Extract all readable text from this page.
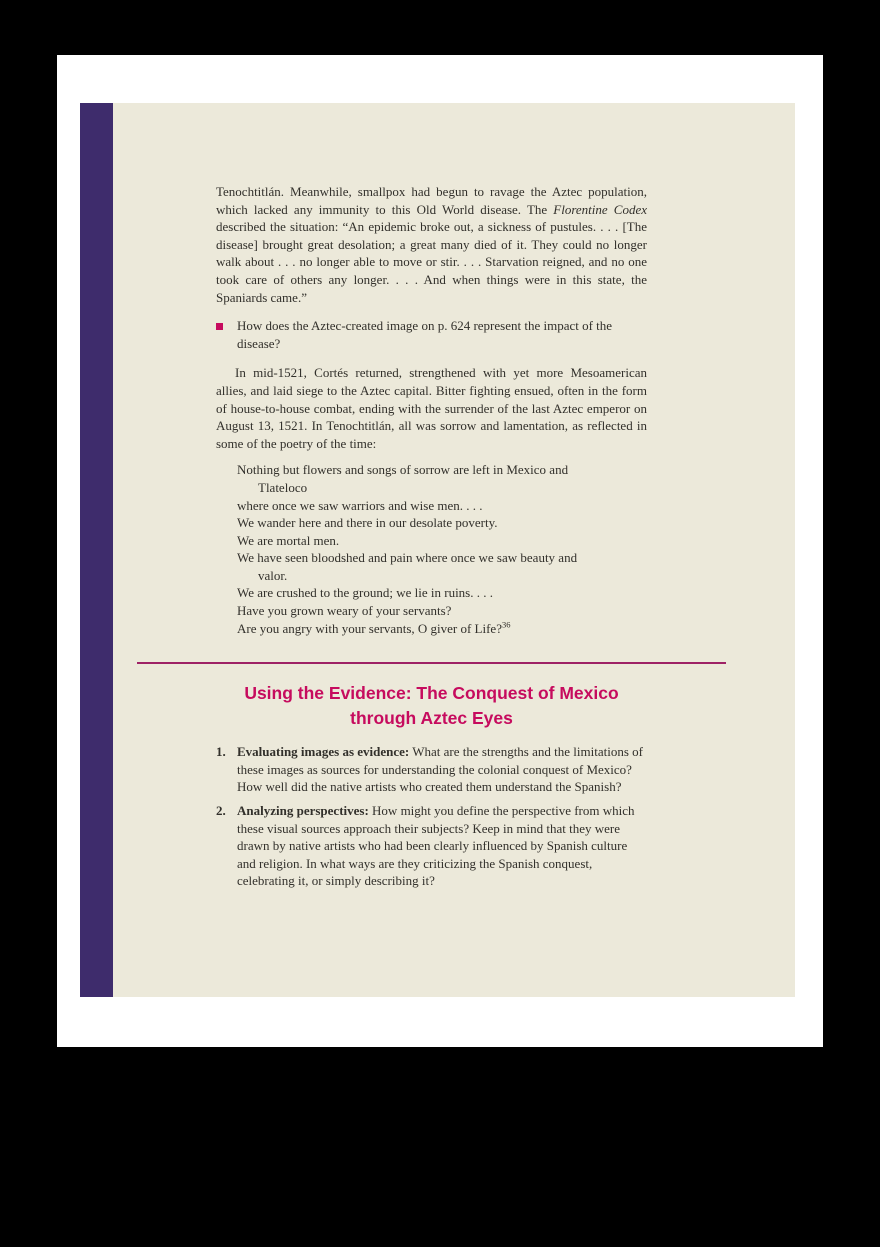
Tenochtitlán. Meanwhile, smallpox had begun to ravage the Aztec population, which lacked any immunity to this Old World disease. The Florentine Codex described the situation: “An epidemic broke out, a sickness of pustules. . . . [The disease] brought great desolation; a great many died of it. They could no longer walk about . . . no longer able to move or stir. . . . Starvation reigned, and no one took care of others any longer. . . . And when things were in this state, the Spaniards came.”

How does the Aztec-created image on p. 624 represent the impact of the disease?

In mid-1521, Cortés returned, strengthened with yet more Mesoamerican allies, and laid siege to the Aztec capital. Bitter fighting ensued, often in the form of house-to-house combat, ending with the surrender of the last Aztec emperor on August 13, 1521. In Tenochtitlán, all was sorrow and lamentation, as reflected in some of the poetry of the time:

Nothing but flowers and songs of sorrow are left in Mexico and
Tlateloco
where once we saw warriors and wise men. . . .
We wander here and there in our desolate poverty.
We are mortal men.
We have seen bloodshed and pain where once we saw beauty and
valor.
We are crushed to the ground; we lie in ruins. . . .
Have you grown weary of your servants?
Are you angry with your servants, O giver of Life?$^{36}$
Using the Evidence: The Conquest of Mexico
through Aztec Eyes
1. Evaluating images as evidence: What are the strengths and the limitations of these images as sources for understanding the colonial conquest of Mexico? How well did the native artists who created them understand the Spanish?
2. Analyzing perspectives: How might you define the perspective from which these visual sources approach their subjects? Keep in mind that they were drawn by native artists who had been clearly influenced by Spanish culture and religion. In what ways are they criticizing the Spanish conquest, celebrating it, or simply describing it?
